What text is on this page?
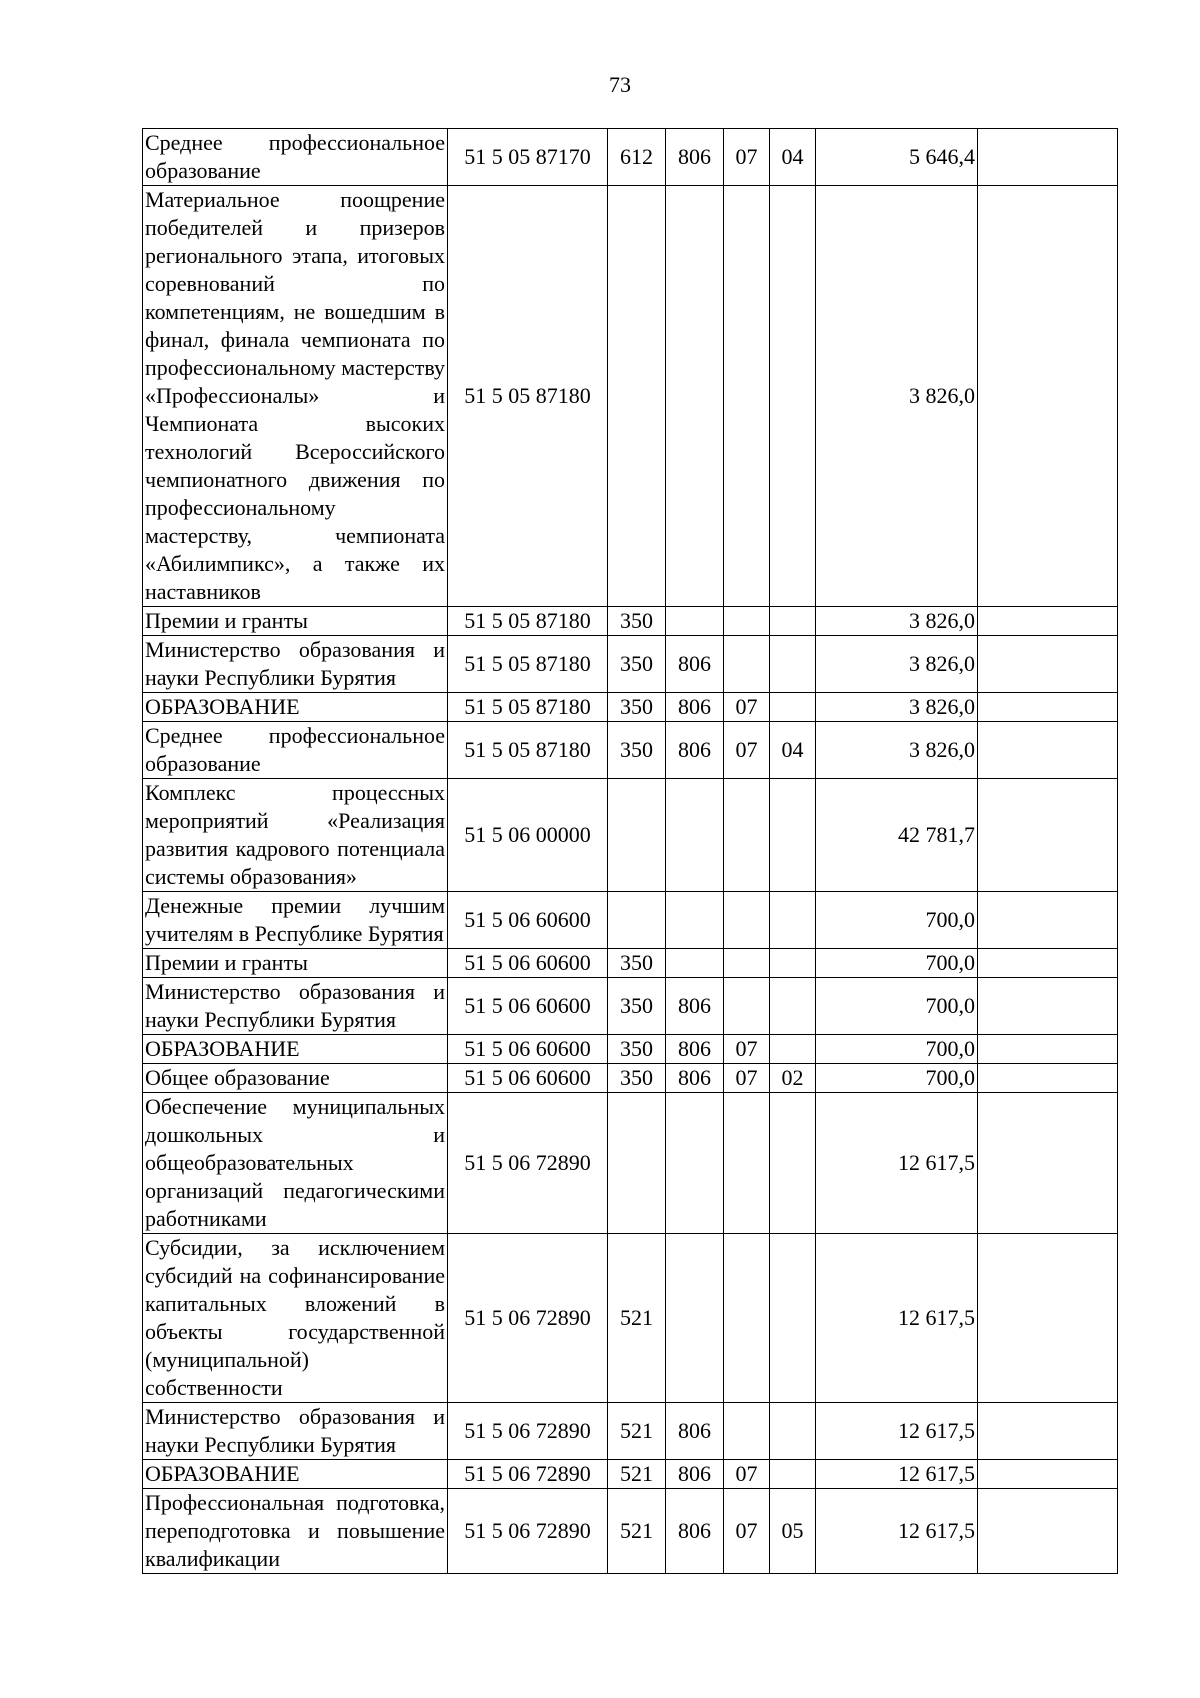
73
Среднее профессиональное образование	51 5 05 87170	612	806	07	04	5 646,4	
Материальное поощрение победителей и призеров регионального этапа, итоговых соревнований по компетенциям, не вошедшим в финал, финала чемпионата по профессиональному мастерству «Профессионалы» и Чемпионата высоких технологий Всероссийского чемпионатного движения по профессиональному мастерству, чемпионата «Абилимпикс», а также их наставников	51 5 05 87180					3 826,0	
Премии и гранты	51 5 05 87180	350				3 826,0	
Министерство образования и науки Республики Бурятия	51 5 05 87180	350	806			3 826,0	
ОБРАЗОВАНИЕ	51 5 05 87180	350	806	07		3 826,0	
Среднее профессиональное образование	51 5 05 87180	350	806	07	04	3 826,0	
Комплекс процессных мероприятий «Реализация развития кадрового потенциала системы образования»	51 5 06 00000					42 781,7	
Денежные премии лучшим учителям в Республике Бурятия	51 5 06 60600					700,0	
Премии и гранты	51 5 06 60600	350				700,0	
Министерство образования и науки Республики Бурятия	51 5 06 60600	350	806			700,0	
ОБРАЗОВАНИЕ	51 5 06 60600	350	806	07		700,0	
Общее образование	51 5 06 60600	350	806	07	02	700,0	
Обеспечение муниципальных дошкольных и общеобразовательных организаций педагогическими работниками	51 5 06 72890					12 617,5	
Субсидии, за исключением субсидий на софинансирование капитальных вложений в объекты государственной (муниципальной) собственности	51 5 06 72890	521				12 617,5	
Министерство образования и науки Республики Бурятия	51 5 06 72890	521	806			12 617,5	
ОБРАЗОВАНИЕ	51 5 06 72890	521	806	07		12 617,5	
Профессиональная подготовка, переподготовка и повышение квалификации	51 5 06 72890	521	806	07	05	12 617,5	
